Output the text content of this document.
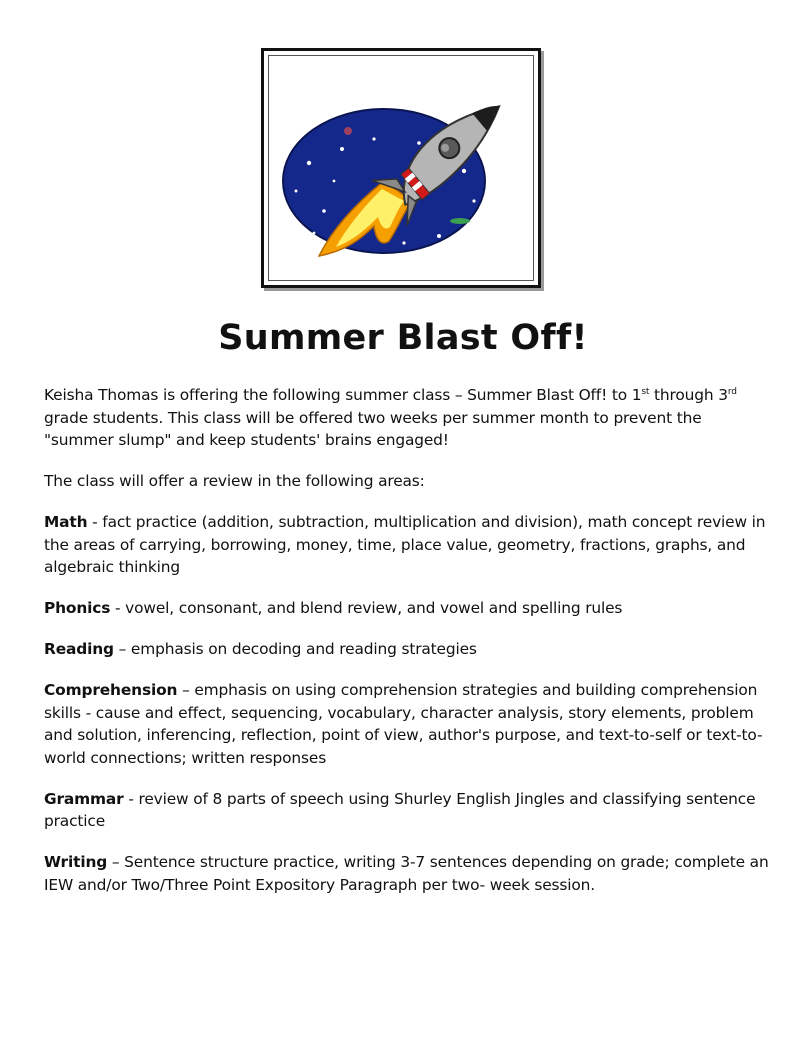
Summer Blast Off!

Keisha Thomas is offering the following summer class – Summer Blast Off! to 1st through 3rd grade students. This class will be offered two weeks per summer month to prevent the "summer slump" and keep students' brains engaged!

The class will offer a review in the following areas:

Math - fact practice (addition, subtraction, multiplication and division), math concept review in the areas of carrying, borrowing, money, time, place value, geometry, fractions, graphs, and algebraic thinking

Phonics - vowel, consonant, and blend review, and vowel and spelling rules

Reading – emphasis on decoding and reading strategies

Comprehension – emphasis on using comprehension strategies and building comprehension skills - cause and effect, sequencing, vocabulary, character analysis, story elements, problem and solution, inferencing, reflection, point of view, author's purpose, and text-to-self or text-to-world connections; written responses

Grammar - review of 8 parts of speech using Shurley English Jingles and classifying sentence practice

Writing – Sentence structure practice, writing 3-7 sentences depending on grade; complete an IEW and/or Two/Three Point Expository Paragraph per two- week session.
